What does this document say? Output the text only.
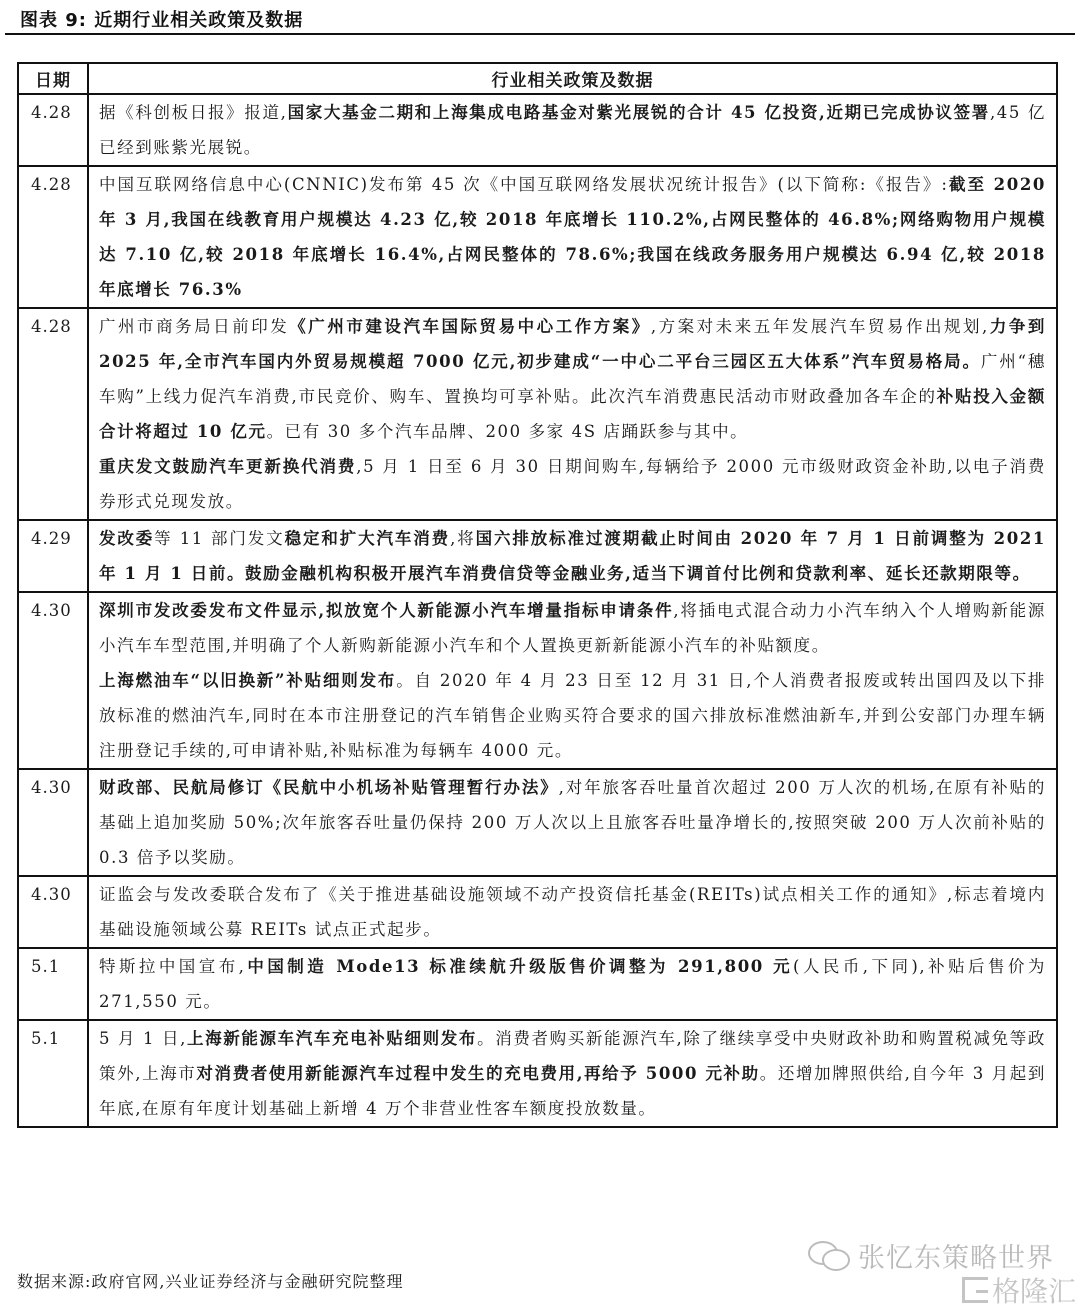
图表 9: 近期行业相关政策及数据
日期	行业相关政策及数据
4.28	据《科创板日报》报道,国家大基金二期和上海集成电路基金对紫光展锐的合计 45 亿投资,近期已完成协议签署,45 亿已经到账紫光展锐。

4.28	中国互联网络信息中心(CNNIC)发布第 45 次《中国互联网络发展状况统计报告》(以下简称:《报告》:截至 2020 年 3 月,我国在线教育用户规模达 4.23 亿,较 2018 年底增长 110.2%,占网民整体的 46.8%;网络购物用户规模达 7.10 亿,较 2018 年底增长 16.4%,占网民整体的 78.6%;我国在线政务服务用户规模达 6.94 亿,较 2018 年底增长 76.3%

4.28	广州市商务局日前印发《广州市建设汽车国际贸易中心工作方案》,方案对未来五年发展汽车贸易作出规划,力争到 2025 年,全市汽车国内外贸易规模超 7000 亿元,初步建成“一中心二平台三园区五大体系”汽车贸易格局。广州“穗车购”上线力促汽车消费,市民竞价、购车、置换均可享补贴。此次汽车消费惠民活动市财政叠加各车企的补贴投入金额合计将超过 10 亿元。已有 30 多个汽车品牌、200 多家 4S 店踊跃参与其中。
重庆发文鼓励汽车更新换代消费,5 月 1 日至 6 月 30 日期间购车,每辆给予 2000 元市级财政资金补助,以电子消费券形式兑现发放。

4.29	发改委等 11 部门发文稳定和扩大汽车消费,将国六排放标准过渡期截止时间由 2020 年 7 月 1 日前调整为 2021 年 1 月 1 日前。鼓励金融机构积极开展汽车消费信贷等金融业务,适当下调首付比例和贷款利率、延长还款期限等。

4.30	深圳市发改委发布文件显示,拟放宽个人新能源小汽车增量指标申请条件,将插电式混合动力小汽车纳入个人增购新能源小汽车车型范围,并明确了个人新购新能源小汽车和个人置换更新新能源小汽车的补贴额度。
上海燃油车“以旧换新”补贴细则发布。自 2020 年 4 月 23 日至 12 月 31 日,个人消费者报废或转出国四及以下排放标准的燃油汽车,同时在本市注册登记的汽车销售企业购买符合要求的国六排放标准燃油新车,并到公安部门办理车辆注册登记手续的,可申请补贴,补贴标准为每辆车 4000 元。

4.30	财政部、民航局修订《民航中小机场补贴管理暂行办法》,对年旅客吞吐量首次超过 200 万人次的机场,在原有补贴的基础上追加奖励 50%;次年旅客吞吐量仍保持 200 万人次以上且旅客吞吐量净增长的,按照突破 200 万人次前补贴的 0.3 倍予以奖励。

4.30	证监会与发改委联合发布了《关于推进基础设施领域不动产投资信托基金(REITs)试点相关工作的通知》,标志着境内基础设施领域公募 REITs 试点正式起步。

5.1	特斯拉中国宣布,中国制造 Mode13 标准续航升级版售价调整为 291,800 元(人民币,下同),补贴后售价为 271,550 元。

5.1	5 月 1 日,上海新能源车汽车充电补贴细则发布。消费者购买新能源汽车,除了继续享受中央财政补助和购置税减免等政策外,上海市对消费者使用新能源汽车过程中发生的充电费用,再给予 5000 元补助。还增加牌照供给,自今年 3 月起到年底,在原有年度计划基础上新增 4 万个非营业性客车额度投放数量。
数据来源:政府官网,兴业证券经济与金融研究院整理
张忆东策略世界
格隆汇
